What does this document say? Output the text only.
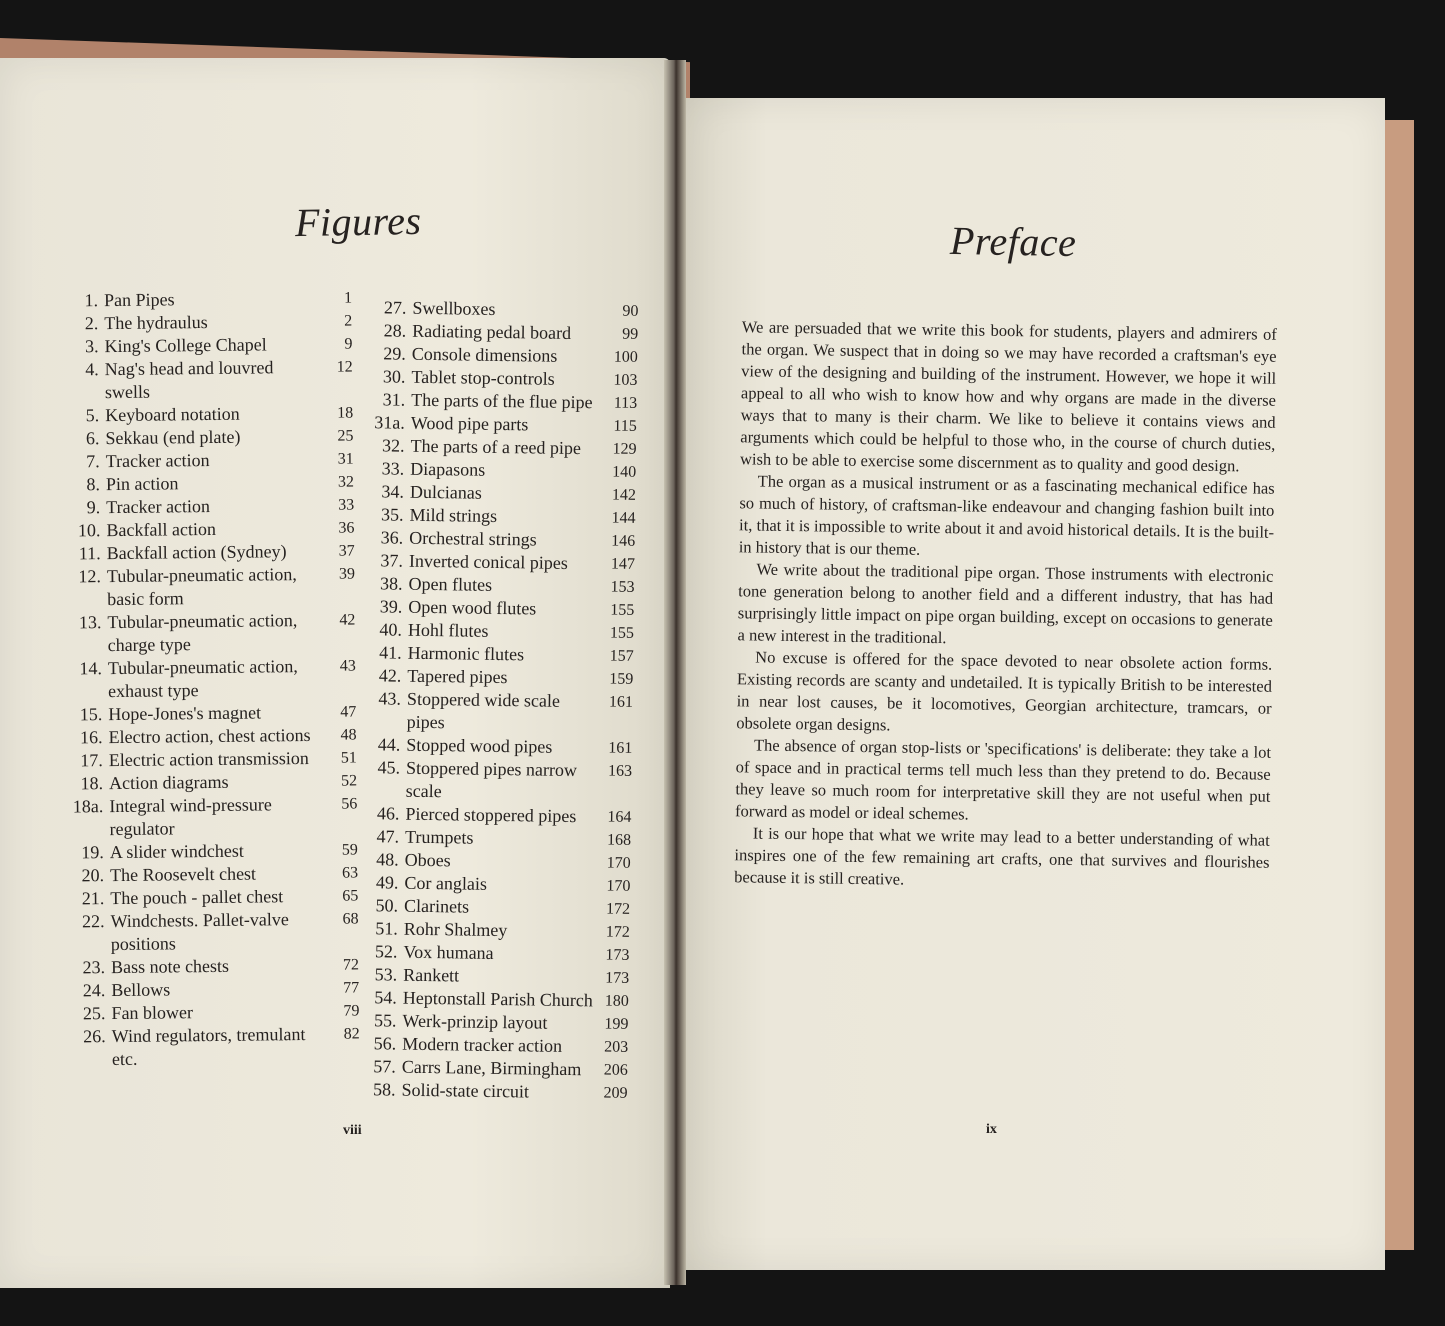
Figures
1. Pan Pipes	1
2. The hydraulus	2
3. King's College Chapel	9
4. Nag's head and louvred swells
12
5. Keyboard notation	18
6. Sekkau (end plate)	25
7. Tracker action	31
8. Pin action	32
9. Tracker action	33
10. Backfall action	36
11. Backfall action (Sydney)	37
12. Tubular-pneumatic action, basic form
39
13. Tubular-pneumatic action, charge type
42
14. Tubular-pneumatic action, exhaust type
43
15. Hope-Jones's magnet	47
16. Electro action, chest actions	48
17. Electric action transmission	51
18. Action diagrams	52
18a. Integral wind-pressure regulator
56
19. A slider windchest	59
20. The Roosevelt chest	63
21. The pouch - pallet chest	65
22. Windchests. Pallet-valve positions
68
23. Bass note chests	72
24. Bellows	77
25. Fan blower	79
26. Wind regulators, tremulant etc.
82
27. Swellboxes	90
28. Radiating pedal board	99
29. Console dimensions	100
30. Tablet stop-controls	103
31. The parts of the flue pipe	113
31a. Wood pipe parts	115
32. The parts of a reed pipe	129
33. Diapasons	140
34. Dulcianas	142
35. Mild strings	144
36. Orchestral strings	146
37. Inverted conical pipes	147
38. Open flutes	153
39. Open wood flutes	155
40. Hohl flutes	155
41. Harmonic flutes	157
42. Tapered pipes	159
43. Stoppered wide scale pipes
161
44. Stopped wood pipes	161
45. Stoppered pipes narrow scale
163
46. Pierced stoppered pipes	164
47. Trumpets	168
48. Oboes	170
49. Cor anglais	170
50. Clarinets	172
51. Rohr Shalmey	172
52. Vox humana	173
53. Rankett	173
54. Heptonstall Parish Church 180
55. Werk-prinzip layout	199
56. Modern tracker action	203
57. Carrs Lane, Birmingham	206
58. Solid-state circuit	209
viii
Preface

We are persuaded that we write this book for students, players and admirers of the organ. We suspect that in doing so we may have recorded a craftsman's eye view of the designing and building of the instrument. However, we hope it will appeal to all who wish to know how and why organs are made in the diverse ways that to many is their charm. We like to believe it contains views and arguments which could be helpful to those who, in the course of church duties, wish to be able to exercise some discernment as to quality and good design.

The organ as a musical instrument or as a fascinating mechanical edifice has so much of history, of craftsman-like endeavour and changing fashion built into it, that it is impossible to write about it and avoid historical details. It is the built-in history that is our theme.

We write about the traditional pipe organ. Those instruments with electronic tone generation belong to another field and a different industry, that has had surprisingly little impact on pipe organ building, except on occasions to generate a new interest in the traditional.

No excuse is offered for the space devoted to near obsolete action forms. Existing records are scanty and undetailed. It is typically British to be interested in near lost causes, be it locomotives, Georgian architecture, tramcars, or obsolete organ designs.

The absence of organ stop-lists or 'specifications' is deliberate: they take a lot of space and in practical terms tell much less than they pretend to do. Because they leave so much room for interpretative skill they are not useful when put forward as model or ideal schemes.

It is our hope that what we write may lead to a better understanding of what inspires one of the few remaining art crafts, one that survives and flourishes because it is still creative.

ix
